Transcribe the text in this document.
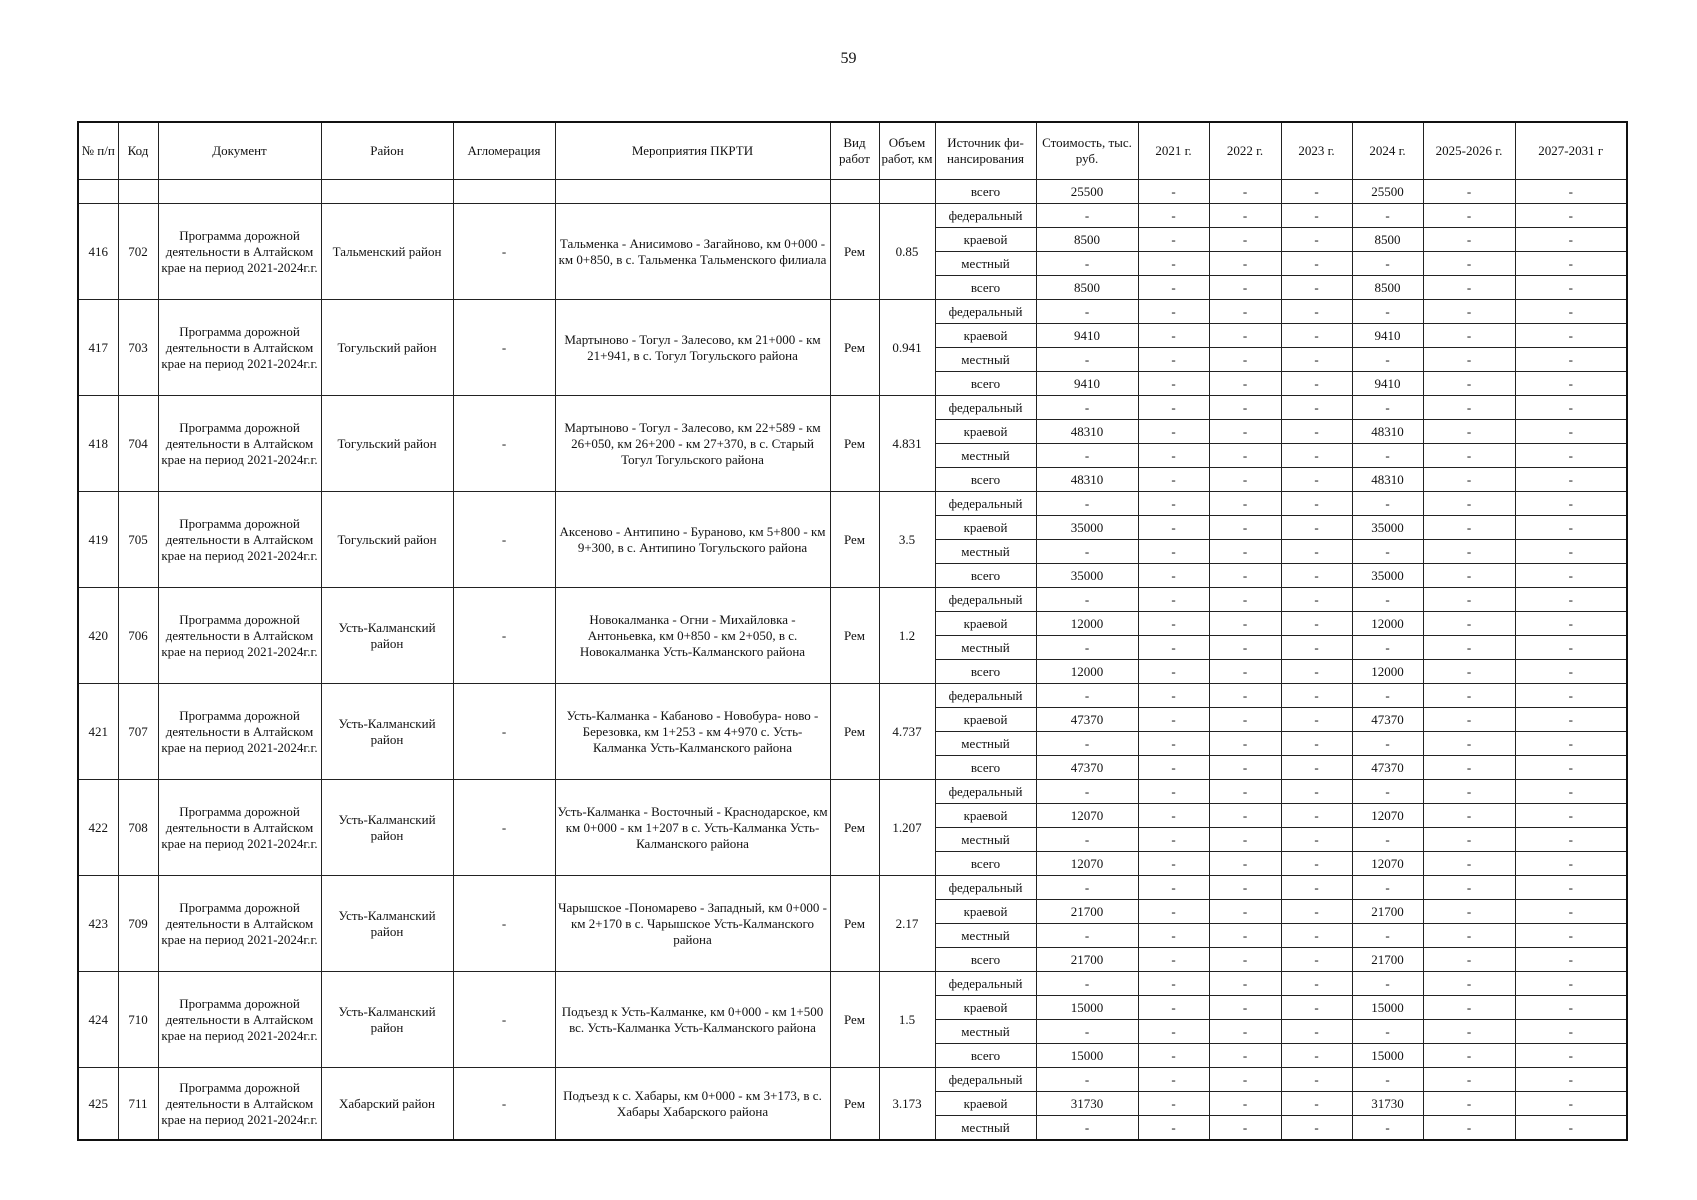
59
№ п/п	Код	Документ	Район	Агломерация	Мероприятия ПКРТИ	Вид работ	Объем работ, км	Источник фи- нансирования	Стоимость, тыс. руб.	2021 г.	2022 г.	2023 г.	2024 г.	2025-2026 г.	2027-2031 г
								всего	25500	-	-	-	25500	-	-
416	702	Программа дорожной деятельности в Алтайском крае на период 2021-2024г.г.	Тальменский район	-	Тальменка - Анисимово - Загайново, км 0+000 - км 0+850, в с. Тальменка Тальменского филиала	Рем	0.85	федеральный	-	-	-	-	-	-	-
								краевой	8500	-	-	-	8500	-	-
								местный	-	-	-	-	-	-	-
								всего	8500	-	-	-	8500	-	-
417	703	Программа дорожной деятельности в Алтайском крае на период 2021-2024г.г.	Тогульский район	-	Мартыново - Тогул - Залесово, км 21+000 - км 21+941, в с. Тогул Тогульского района	Рем	0.941	федеральный	-	-	-	-	-	-	-
								краевой	9410	-	-	-	9410	-	-
								местный	-	-	-	-	-	-	-
								всего	9410	-	-	-	9410	-	-
418	704	Программа дорожной деятельности в Алтайском крае на период 2021-2024г.г.	Тогульский район	-	Мартыново - Тогул - Залесово, км 22+589 - км 26+050, км 26+200 - км 27+370, в с. Старый Тогул Тогульского района	Рем	4.831	федеральный	-	-	-	-	-	-	-
								краевой	48310	-	-	-	48310	-	-
								местный	-	-	-	-	-	-	-
								всего	48310	-	-	-	48310	-	-
419	705	Программа дорожной деятельности в Алтайском крае на период 2021-2024г.г.	Тогульский район	-	Аксеново - Антипино - Бураново, км 5+800 - км 9+300, в с. Антипино Тогульского района	Рем	3.5	федеральный	-	-	-	-	-	-	-
								краевой	35000	-	-	-	35000	-	-
								местный	-	-	-	-	-	-	-
								всего	35000	-	-	-	35000	-	-
420	706	Программа дорожной деятельности в Алтайском крае на период 2021-2024г.г.	Усть-Калманский район	-	Новокалманка - Огни - Михайловка - Антоньевка, км 0+850 - км 2+050, в с. Новокалманка Усть-Калманского района	Рем	1.2	федеральный	-	-	-	-	-	-	-
								краевой	12000	-	-	-	12000	-	-
								местный	-	-	-	-	-	-	-
								всего	12000	-	-	-	12000	-	-
421	707	Программа дорожной деятельности в Алтайском крае на период 2021-2024г.г.	Усть-Калманский район	-	Усть-Калманка - Кабаново - Новобура- ново - Березовка, км 1+253 - км 4+970 с. Усть-Калманка Усть-Калманского района	Рем	4.737	федеральный	-	-	-	-	-	-	-
								краевой	47370	-	-	-	47370	-	-
								местный	-	-	-	-	-	-	-
								всего	47370	-	-	-	47370	-	-
422	708	Программа дорожной деятельности в Алтайском крае на период 2021-2024г.г.	Усть-Калманский район	-	Усть-Калманка - Восточный - Краснодарское, км км 0+000 - км 1+207 в с. Усть-Калманка Усть-Калманского района	Рем	1.207	федеральный	-	-	-	-	-	-	-
								краевой	12070	-	-	-	12070	-	-
								местный	-	-	-	-	-	-	-
								всего	12070	-	-	-	12070	-	-
423	709	Программа дорожной деятельности в Алтайском крае на период 2021-2024г.г.	Усть-Калманский район	-	Чарышское -Пономарево - Западный, км 0+000 - км 2+170 в с. Чарышское Усть-Калманского района	Рем	2.17	федеральный	-	-	-	-	-	-	-
								краевой	21700	-	-	-	21700	-	-
								местный	-	-	-	-	-	-	-
								всего	21700	-	-	-	21700	-	-
424	710	Программа дорожной деятельности в Алтайском крае на период 2021-2024г.г.	Усть-Калманский район	-	Подъезд к Усть-Калманке, км 0+000 - км 1+500 вс. Усть-Калманка Усть-Калманского района	Рем	1.5	федеральный	-	-	-	-	-	-	-
								краевой	15000	-	-	-	15000	-	-
								местный	-	-	-	-	-	-	-
								всего	15000	-	-	-	15000	-	-
425	711	Программа дорожной деятельности в Алтайском крае на период 2021-2024г.г.	Хабарский район	-	Подъезд к с. Хабары, км 0+000 - км 3+173, в с. Хабары Хабарского района	Рем	3.173	федеральный	-	-	-	-	-	-	-
								краевой	31730	-	-	-	31730	-	-
								местный	-	-	-	-	-	-	-
